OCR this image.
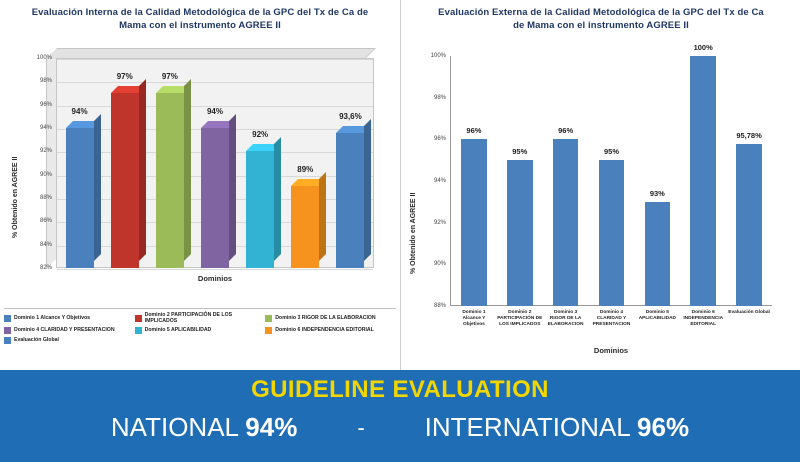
Evaluación Interna de la Calidad Metodológica de la GPC del Tx de Ca de Mama con el instrumento AGREE II
82%
84%
86%
88%
90%
92%
94%
96%
98%
100%
94%
97%	97%
94%
92%
89%
93,6%
Dominios
% Obtenido en AGREE II
Dominio 1 Alcance Y Objetivos	Dominio 2 PARTICIPACIÓN DE LOS IMPLICADOS	Dominio 3 RIGOR DE LA ELABORACION
Dominio 4 CLARIDAD Y PRESENTACION	Dominio 5 APLICABILIDAD	Dominio 6 INDEPENDENCIA EDITORIAL
Evaluación Global
Evaluación Externa de la Calidad Metodológica de la GPC del Tx de Ca de Mama con el instrumento AGREE II
88%
90%
92%
94%
96%
98%
100%
96%
95%
96%
95%
93%
100%
95,78%
Dominio 1
Alcance Y
Objetivos
Dominio 2
PARTICIPACIÓN DE
LOS IMPLICADOS
Dominio 3
RIGOR DE LA
ELABORACION
Dominio 4
CLARIDAD Y
PRESENTACION
Dominio 5
APLICABILIDAD
Dominio 6
INDEPENDENCIA
EDITORIAL
Evaluación Global
Dominios
% Obtenido en AGREE II
GUIDELINE EVALUATION
NATIONAL 94%	- INTERNATIONAL 96%
